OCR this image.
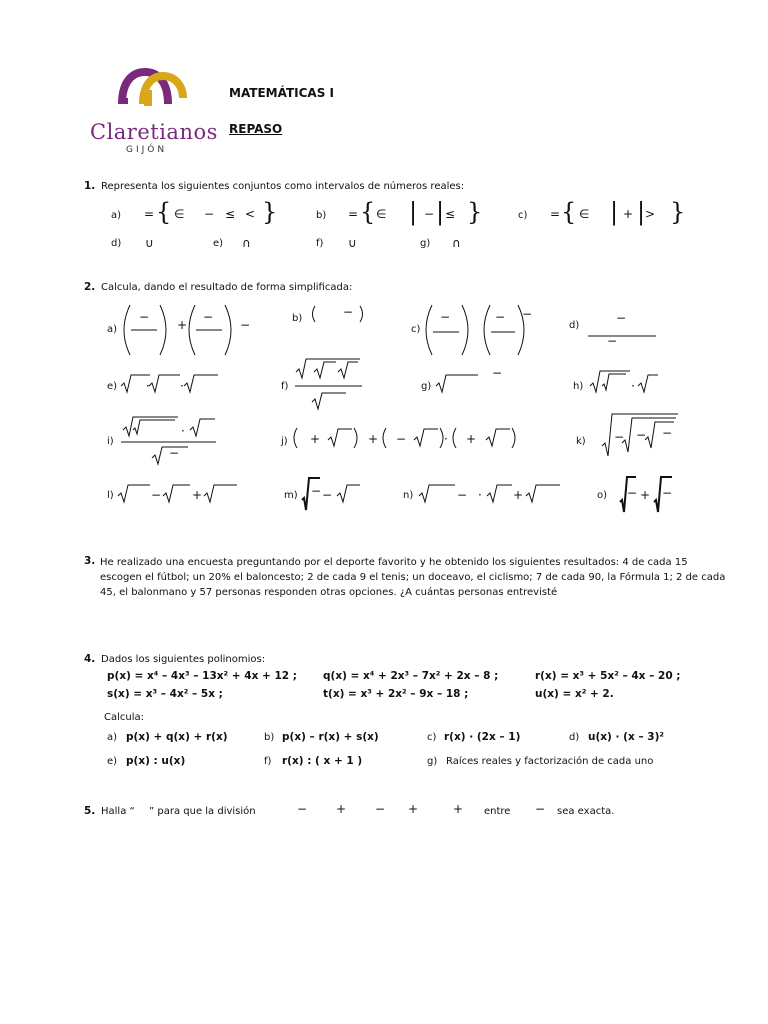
Claretianos
GIJÓN
MATEMÁTICAS I
REPASO
1. Representa los siguientes conjuntos como intervalos de números reales:
a) = { ∈ − ≤ < }	b) = { ∈ | − | ≤ }	c) = { ∈ | + | > }
d) ∪	e) ∩	f) ∪	g) ∩
2. Calcula, dando el resultado de forma simplificada:
a)
b)
c)	d)
e)	f)	g)	h)
i)	j)	k)
l)	m)	n)	o)
−
+
−
−
−	−	− −	−
−
·	·
−
·
·
−
+	+ −	· +	− − −
−	+	− −	− ·	+	− + −
3. He realizado una encuesta preguntando por el deporte favorito y he obtenido los siguientes resultados: 4 de cada 15 escogen el fútbol; un 20% el baloncesto; 2 de cada 9 el tenis; un doceavo, el ciclismo; 7 de cada 90, la Fórmula 1; 2 de cada 45, el balonmano y 57 personas responden otras opciones. ¿A cuántas personas entrevisté
4. Dados los siguientes polinomios:
p(x) = x⁴ – 4x³ – 13x² + 4x + 12 ; q(x) = x⁴ + 2x³ – 7x² + 2x – 8 ;	r(x) = x³ + 5x² – 4x – 20 ;
s(x) = x³ – 4x² – 5x ;	t(x) = x³ + 2x² – 9x – 18 ;	u(x) = x² + 2.
Calcula:
a) p(x) + q(x) + r(x)	b) p(x) – r(x) + s(x)	c) r(x) · (2x – 1)	d) u(x) · (x – 3)²
e) p(x) : u(x)	f) r(x) : ( x + 1 )	g) Raíces reales y factorización de cada uno
5. Halla “ ” para que la división	− + − +	+ entre − sea exacta.
